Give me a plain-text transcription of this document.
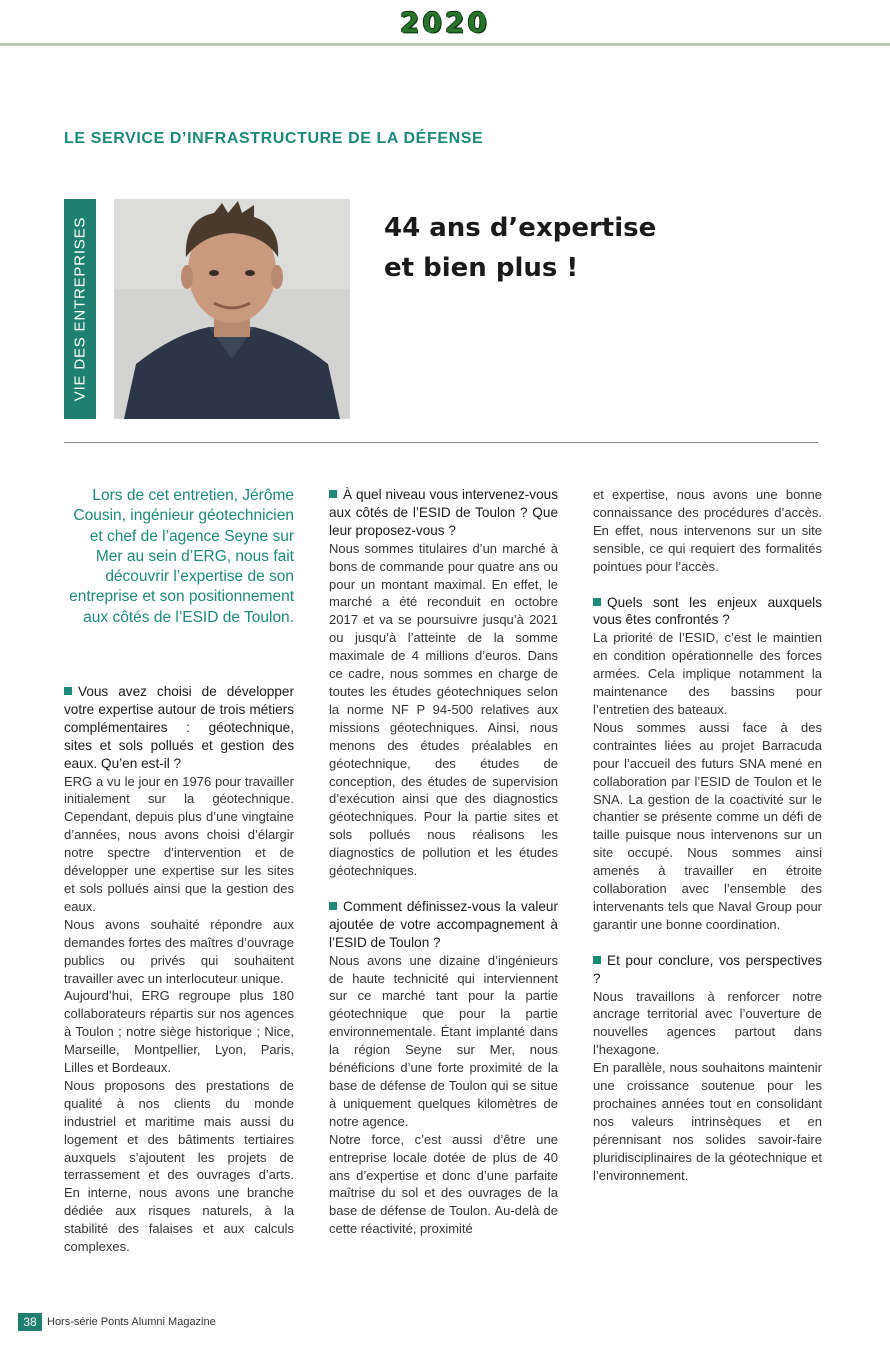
2020
LE SERVICE D’INFRASTRUCTURE DE LA DÉFENSE
VIE DES ENTREPRISES	44 ans d’expertise
et bien plus !
Lors de cet entretien, Jérôme Cousin, ingénieur géotechnicien et chef de l’agence Seyne sur Mer au sein d’ERG, nous fait découvrir l’expertise de son entreprise et son positionnement aux côtés de l’ESID de Toulon.

Vous avez choisi de développer votre expertise autour de trois métiers complémentaires : géotechnique, sites et sols pollués et gestion des eaux. Qu’en est-il ?

ERG a vu le jour en 1976 pour travailler initialement sur la géotechnique. Cependant, depuis plus d’une vingtaine d’années, nous avons choisi d’élargir notre spectre d’intervention et de développer une expertise sur les sites et sols pollués ainsi que la gestion des eaux.

Nous avons souhaité répondre aux demandes fortes des maîtres d’ouvrage publics ou privés qui souhaitent travailler avec un interlocuteur unique.

Aujourd’hui, ERG regroupe plus 180 collaborateurs répartis sur nos agences à Toulon ; notre siège historique ; Nice, Marseille, Montpellier, Lyon, Paris, Lilles et Bordeaux.

Nous proposons des prestations de qualité à nos clients du monde industriel et maritime mais aussi du logement et des bâtiments tertiaires auxquels s’ajoutent les projets de terrassement et des ouvrages d’arts. En interne, nous avons une branche dédiée aux risques naturels, à la stabilité des falaises et aux calculs complexes.

À quel niveau vous intervenez-vous aux côtés de l’ESID de Toulon ? Que leur proposez-vous ?

Nous sommes titulaires d’un marché à bons de commande pour quatre ans ou pour un montant maximal. En effet, le marché a été reconduit en octobre 2017 et va se poursuivre jusqu’à 2021 ou jusqu’à l’atteinte de la somme maximale de 4 millions d’euros. Dans ce cadre, nous sommes en charge de toutes les études géotechniques selon la norme NF P 94-500 relatives aux missions géotechniques. Ainsi, nous menons des études préalables en géotechnique, des études de conception, des études de supervision d’exécution ainsi que des diagnostics géotechniques. Pour la partie sites et sols pollués nous réalisons les diagnostics de pollution et les études géotechniques.

Comment définissez-vous la valeur ajoutée de votre accompagnement à l’ESID de Toulon ?

Nous avons une dizaine d’ingénieurs de haute technicité qui interviennent sur ce marché tant pour la partie géotechnique que pour la partie environnementale. Étant implanté dans la région Seyne sur Mer, nous bénéficions d’une forte proximité de la base de défense de Toulon qui se situe à uniquement quelques kilomètres de notre agence.

Notre force, c’est aussi d’être une entreprise locale dotée de plus de 40 ans d’expertise et donc d’une parfaite maîtrise du sol et des ouvrages de la base de défense de Toulon. Au-delà de cette réactivité, proximité

et expertise, nous avons une bonne connaissance des procédures d’accès. En effet, nous intervenons sur un site sensible, ce qui requiert des formalités pointues pour l’accès.

Quels sont les enjeux auxquels vous êtes confrontés ?

La priorité de l’ESID, c’est le maintien en condition opérationnelle des forces armées. Cela implique notamment la maintenance des bassins pour l’entretien des bateaux.

Nous sommes aussi face à des contraintes liées au projet Barracuda pour l’accueil des futurs SNA mené en collaboration par l’ESID de Toulon et le SNA. La gestion de la coactivité sur le chantier se présente comme un défi de taille puisque nous intervenons sur un site occupé. Nous sommes ainsi amenés à travailler en étroite collaboration avec l’ensemble des intervenants tels que Naval Group pour garantir une bonne coordination.

Et pour conclure, vos perspectives ?

Nous travaillons à renforcer notre ancrage territorial avec l’ouverture de nouvelles agences partout dans l’hexagone.

En parallèle, nous souhaitons maintenir une croissance soutenue pour les prochaines années tout en consolidant nos valeurs intrinsèques et en pérennisant nos solides savoir-faire pluridisciplinaires de la géotechnique et l’environnement.

38 Hors-série Ponts Alumni Magazine
